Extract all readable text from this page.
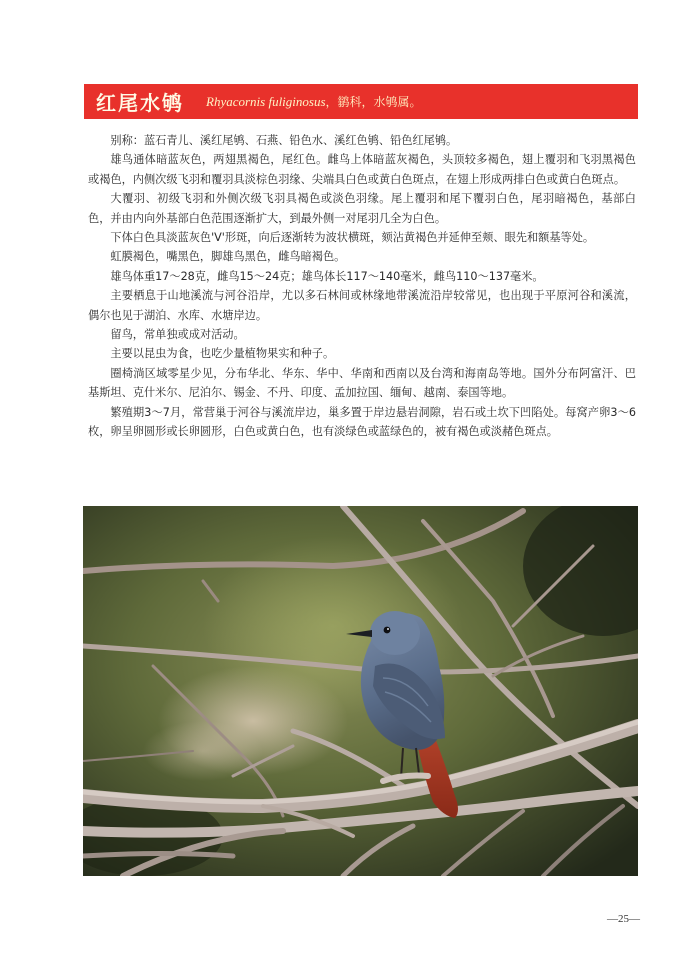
红尾水鸲 Rhyacornis fuliginosus ，鹟科，水鸲属。

别称：蓝石青儿、溪红尾鸲、石燕、铅色水、溪红色鸲、铅色红尾鸲。

雄鸟通体暗蓝灰色，两翅黑褐色，尾红色。雌鸟上体暗蓝灰褐色，头顶较多褐色，翅上覆羽和飞羽黑褐色或褐色，内侧次级飞羽和覆羽具淡棕色羽缘、尖端具白色或黄白色斑点，在翅上形成两排白色或黄白色斑点。

大覆羽、初级飞羽和外侧次级飞羽具褐色或淡色羽缘。尾上覆羽和尾下覆羽白色，尾羽暗褐色，基部白色，并由内向外基部白色范围逐渐扩大，到最外侧一对尾羽几全为白色。

下体白色具淡蓝灰色'V'形斑，向后逐渐转为波状横斑，颏沾黄褐色并延伸至颊、眼先和额基等处。

虹膜褐色，嘴黑色，脚雄鸟黑色，雌鸟暗褐色。

雄鸟体重17～28克，雌鸟15～24克；雄鸟体长117～140毫米，雌鸟110～137毫米。

主要栖息于山地溪流与河谷沿岸，尤以多石林间或林缘地带溪流沿岸较常见，也出现于平原河谷和溪流，偶尔也见于湖泊、水库、水塘岸边。

留鸟，常单独或成对活动。

主要以昆虫为食，也吃少量植物果实和种子。

圈椅淌区域零星少见，分布华北、华东、华中、华南和西南以及台湾和海南岛等地。国外分布阿富汗、巴基斯坦、克什米尔、尼泊尔、锡金、不丹、印度、孟加拉国、缅甸、越南、泰国等地。

繁殖期3～7月，常营巢于河谷与溪流岸边，巢多置于岸边悬岩洞隙，岩石或土坎下凹陷处。每窝产卵3～6枚，卵呈卵圆形或长卵圆形，白色或黄白色，也有淡绿色或蓝绿色的，被有褐色或淡赭色斑点。

—25—
